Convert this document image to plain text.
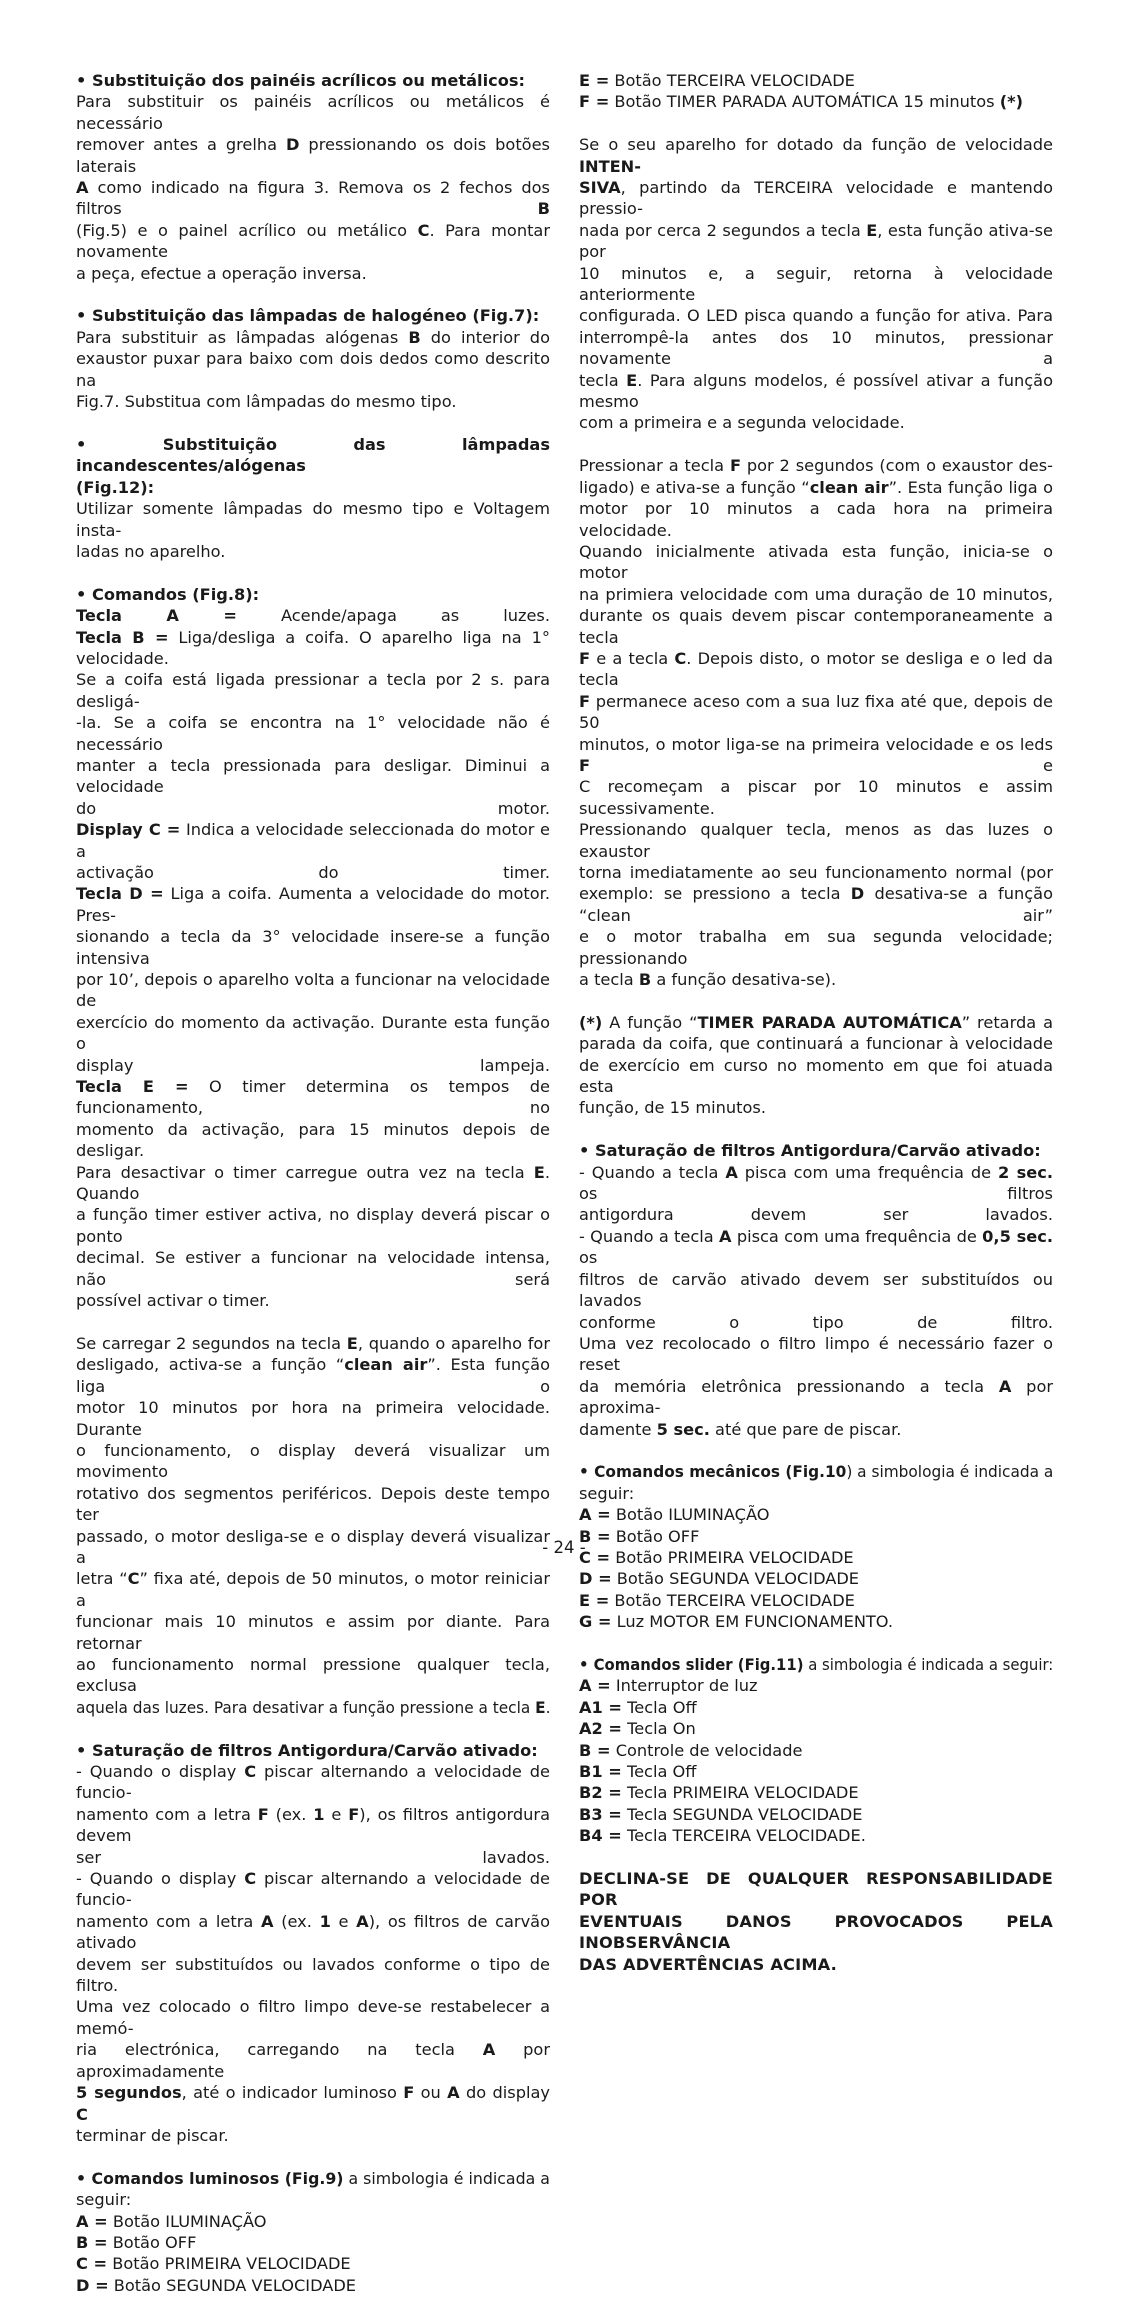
• Substituição dos painéis acrílicos ou metálicos:
Para substituir os painéis acrílicos ou metálicos é necessário
remover antes a grelha D pressionando os dois botões laterais
A como indicado na figura 3. Remova os 2 fechos dos filtros B
(Fig.5) e o painel acrílico ou metálico C. Para montar novamente
a peça, efectue a operação inversa.
• Substituição das lâmpadas de halogéneo (Fig.7):
Para substituir as lâmpadas alógenas B do interior do
exaustor puxar para baixo com dois dedos como descrito na
Fig.7. Substitua com lâmpadas do mesmo tipo.
• Substituição das lâmpadas incandescentes/alógenas
(Fig.12):
Utilizar somente lâmpadas do mesmo tipo e Voltagem insta-
ladas no aparelho.
• Comandos (Fig.8):
Tecla A = Acende/apaga as luzes.
Tecla B = Liga/desliga a coifa. O aparelho liga na 1° velocidade.
Se a coifa está ligada pressionar a tecla por 2 s. para desligá-
-la. Se a coifa se encontra na 1° velocidade não é necessário
manter a tecla pressionada para desligar. Diminui a velocidade
do motor.
Display C = Indica a velocidade seleccionada do motor e a
activação do timer.
Tecla D = Liga a coifa. Aumenta a velocidade do motor. Pres-
sionando a tecla da 3° velocidade insere-se a função intensiva
por 10’, depois o aparelho volta a funcionar na velocidade de
exercício do momento da activação. Durante esta função o
display lampeja.
Tecla E = O timer determina os tempos de funcionamento, no
momento da activação, para 15 minutos depois de desligar.
Para desactivar o timer carregue outra vez na tecla E. Quando
a função timer estiver activa, no display deverá piscar o ponto
decimal. Se estiver a funcionar na velocidade intensa, não será
possível activar o timer.
Se carregar 2 segundos na tecla E, quando o aparelho for
desligado, activa-se a função “clean air”. Esta função liga o
motor 10 minutos por hora na primeira velocidade. Durante
o funcionamento, o display deverá visualizar um movimento
rotativo dos segmentos periféricos. Depois deste tempo ter
passado, o motor desliga-se e o display deverá visualizar a
letra “C” fixa até, depois de 50 minutos, o motor reiniciar a
funcionar mais 10 minutos e assim por diante. Para retornar
ao funcionamento normal pressione qualquer tecla, exclusa
aquela das luzes. Para desativar a função pressione a tecla E.
• Saturação de filtros Antigordura/Carvão ativado:
- Quando o display C piscar alternando a velocidade de funcio-
namento com a letra F (ex. 1 e F), os filtros antigordura devem
ser lavados.
- Quando o display C piscar alternando a velocidade de funcio-
namento com a letra A (ex. 1 e A), os filtros de carvão ativado
devem ser substituídos ou lavados conforme o tipo de filtro.
Uma vez colocado o filtro limpo deve-se restabelecer a memó-
ria electrónica, carregando na tecla A por aproximadamente
5 segundos, até o indicador luminoso F ou A do display C
terminar de piscar.
• Comandos luminosos (Fig.9) a simbologia é indicada a
seguir:
A = Botão ILUMINAÇÃO
B = Botão OFF
C = Botão PRIMEIRA VELOCIDADE
D = Botão SEGUNDA VELOCIDADE
E = Botão TERCEIRA VELOCIDADE
F = Botão TIMER PARADA AUTOMÁTICA 15 minutos (*)
Se o seu aparelho for dotado da função de velocidade INTEN-
SIVA, partindo da TERCEIRA velocidade e mantendo pressio-
nada por cerca 2 segundos a tecla E, esta função ativa-se por
10 minutos e, a seguir, retorna à velocidade anteriormente
configurada. O LED pisca quando a função for ativa. Para
interrompê-la antes dos 10 minutos, pressionar novamente a
tecla E. Para alguns modelos, é possível ativar a função mesmo
com a primeira e a segunda velocidade.
Pressionar a tecla F por 2 segundos (com o exaustor des-
ligado) e ativa-se a função “clean air”. Esta função liga o
motor por 10 minutos a cada hora na primeira velocidade.
Quando inicialmente ativada esta função, inicia-se o motor
na primiera velocidade com uma duração de 10 minutos,
durante os quais devem piscar contemporaneamente a tecla
F e a tecla C. Depois disto, o motor se desliga e o led da tecla
F permanece aceso com a sua luz fixa até que, depois de 50
minutos, o motor liga-se na primeira velocidade e os leds F e
C recomeçam a piscar por 10 minutos e assim sucessivamente.
Pressionando qualquer tecla, menos as das luzes o exaustor
torna imediatamente ao seu funcionamento normal (por
exemplo: se pressiono a tecla D desativa-se a função “clean air”
e o motor trabalha em sua segunda velocidade; pressionando
a tecla B a função desativa-se).
(*) A função “TIMER PARADA AUTOMÁTICA” retarda a
parada da coifa, que continuará a funcionar à velocidade
de exercício em curso no momento em que foi atuada esta
função, de 15 minutos.
• Saturação de filtros Antigordura/Carvão ativado:
- Quando a tecla A pisca com uma frequência de 2 sec. os filtros
antigordura devem ser lavados.
- Quando a tecla A pisca com uma frequência de 0,5 sec. os
filtros de carvão ativado devem ser substituídos ou lavados
conforme o tipo de filtro.
Uma vez recolocado o filtro limpo é necessário fazer o reset
da memória eletrônica pressionando a tecla A por aproxima-
damente 5 sec. até que pare de piscar.
• Comandos mecânicos (Fig.10) a simbologia é indicada a
seguir:
A = Botão ILUMINAÇÃO
B = Botão OFF
C = Botão PRIMEIRA VELOCIDADE
D = Botão SEGUNDA VELOCIDADE
E = Botão TERCEIRA VELOCIDADE
G = Luz MOTOR EM FUNCIONAMENTO.
• Comandos slider (Fig.11) a simbologia é indicada a seguir:
A = Interruptor de luz
A1 = Tecla Off
A2 = Tecla On
B = Controle de velocidade
B1 = Tecla Off
B2 = Tecla PRIMEIRA VELOCIDADE
B3 = Tecla SEGUNDA VELOCIDADE
B4 = Tecla TERCEIRA VELOCIDADE.
DECLINA-SE DE QUALQUER RESPONSABILIDADE POR
EVENTUAIS DANOS PROVOCADOS PELA INOBSERVÂNCIA
DAS ADVERTÊNCIAS ACIMA.
- 24 -
